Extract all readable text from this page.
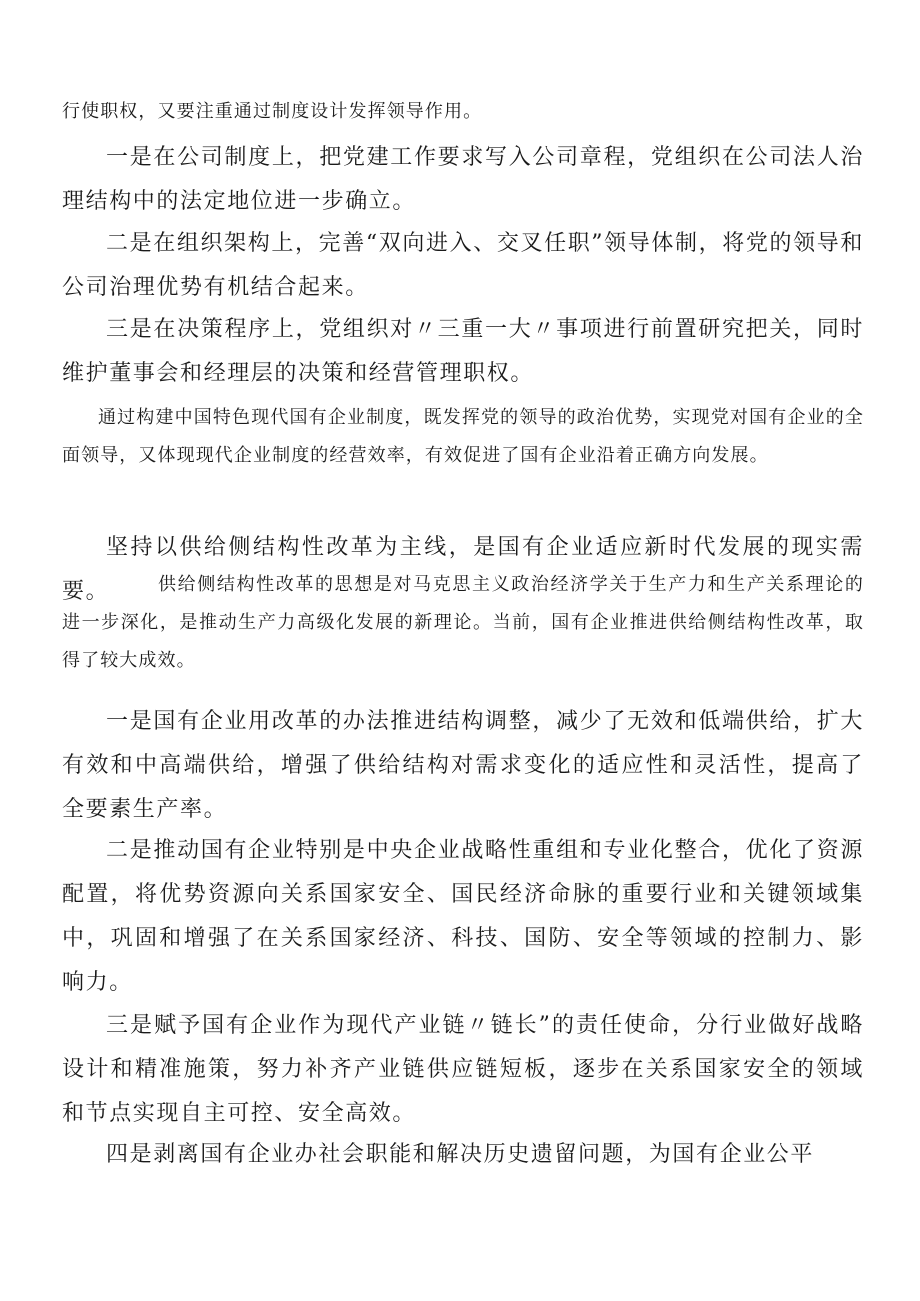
行使职权，又要注重通过制度设计发挥领导作用。

一是在公司制度上，把党建工作要求写入公司章程，党组织在公司法人治理结构中的法定地位进一步确立。

二是在组织架构上，完善“双向进入、交叉任职”领导体制，将党的领导和公司治理优势有机结合起来。

三是在决策程序上，党组织对〃三重一大〃事项进行前置研究把关，同时维护董事会和经理层的决策和经营管理职权。

通过构建中国特色现代国有企业制度，既发挥党的领导的政治优势，实现党对国有企业的全面领导，又体现现代企业制度的经营效率，有效促进了国有企业沿着正确方向发展。

坚持以供给侧结构性改革为主线，是国有企业适应新时代发展的现实需要。	供给侧结构性改革的思想是对马克思主义政治经济学关于生产力和生产关系理论的进一步深化，是推动生产力高级化发展的新理论。当前，国有企业推进供给侧结构性改革，取得了较大成效。

一是国有企业用改革的办法推进结构调整，减少了无效和低端供给，扩大有效和中高端供给，增强了供给结构对需求变化的适应性和灵活性，提高了全要素生产率。

二是推动国有企业特别是中央企业战略性重组和专业化整合，优化了资源配置，将优势资源向关系国家安全、国民经济命脉的重要行业和关键领域集中，巩固和增强了在关系国家经济、科技、国防、安全等领域的控制力、影响力。

三是赋予国有企业作为现代产业链〃链长”的责任使命，分行业做好战略设计和精准施策，努力补齐产业链供应链短板，逐步在关系国家安全的领域和节点实现自主可控、安全高效。

四是剥离国有企业办社会职能和解决历史遗留问题，为国有企业公平
